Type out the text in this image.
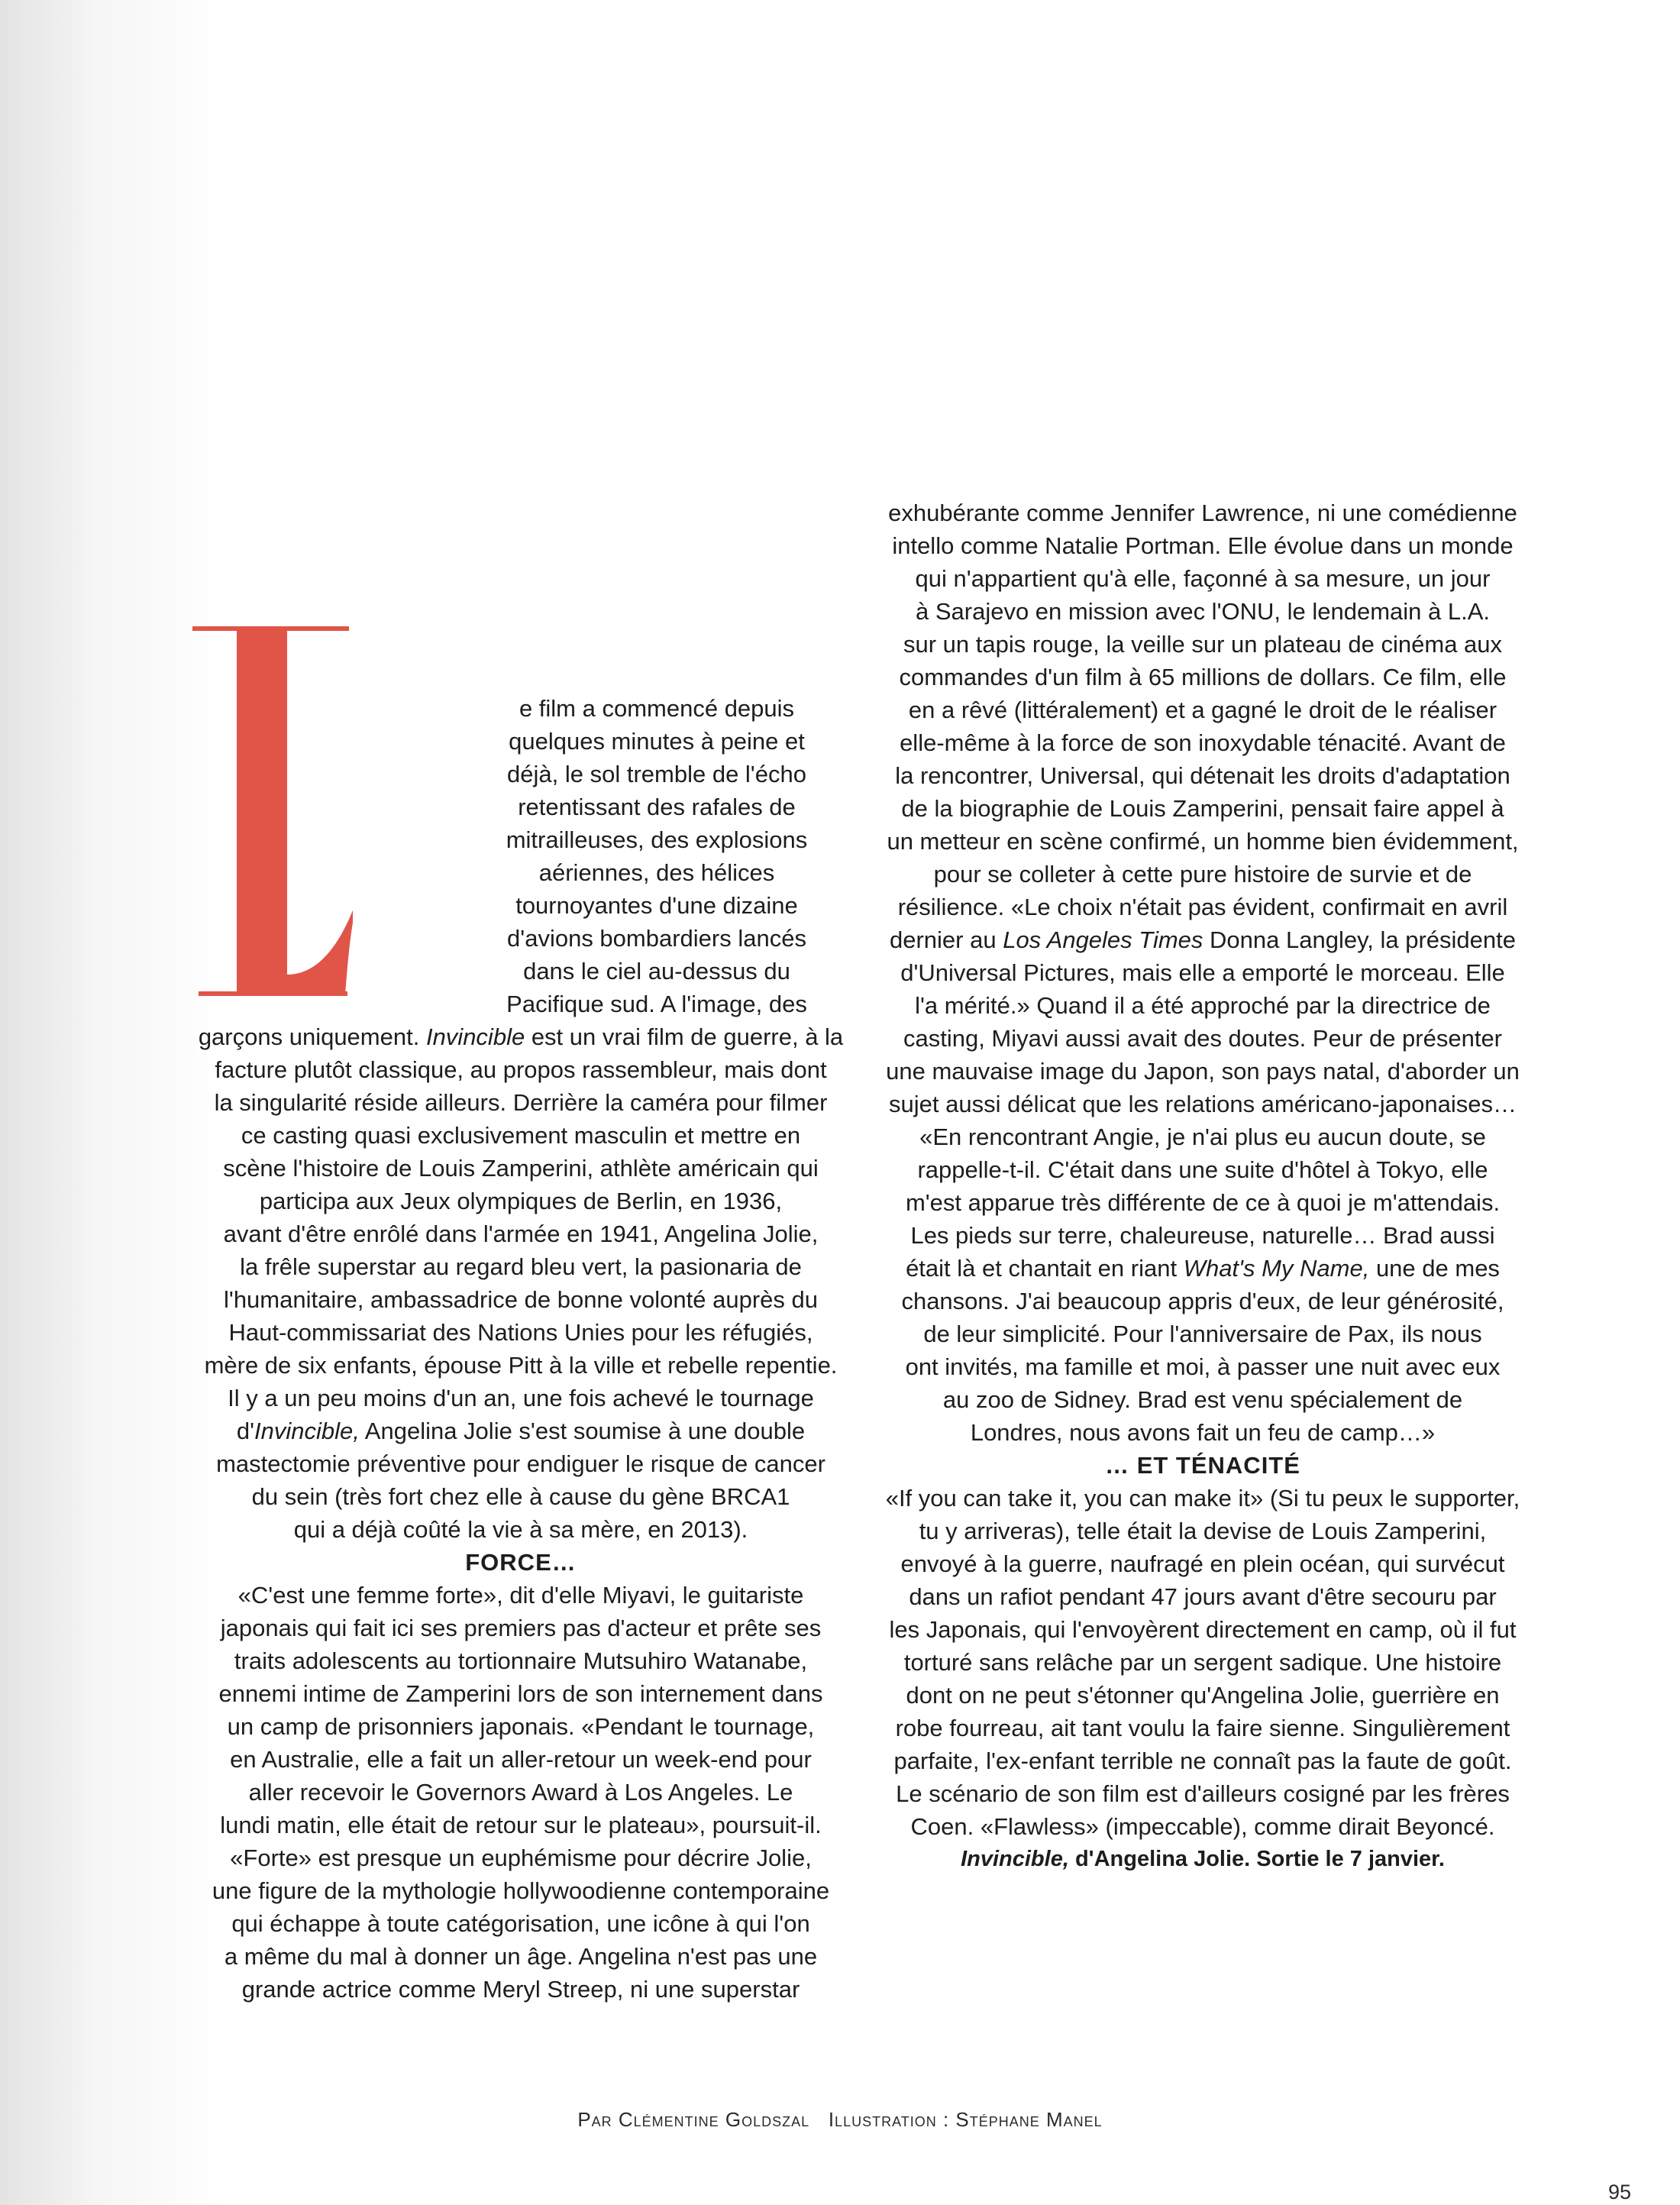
e film a commencé depuis

quelques minutes à peine et

déjà, le sol tremble de l'écho

retentissant des rafales de

mitrailleuses, des explosions

aériennes, des hélices

tournoyantes d'une dizaine

d'avions bombardiers lancés

dans le ciel au-dessus du

Pacifique sud. A l'image, des

garçons uniquement. Invincible est un vrai film de guerre, à la

facture plutôt classique, au propos rassembleur, mais dont

la singularité réside ailleurs. Derrière la caméra pour filmer

ce casting quasi exclusivement masculin et mettre en

scène l'histoire de Louis Zamperini, athlète américain qui

participa aux Jeux olympiques de Berlin, en 1936,

avant d'être enrôlé dans l'armée en 1941, Angelina Jolie,

la frêle superstar au regard bleu vert, la pasionaria de

l'humanitaire, ambassadrice de bonne volonté auprès du

Haut-commissariat des Nations Unies pour les réfugiés,

mère de six enfants, épouse Pitt à la ville et rebelle repentie.

Il y a un peu moins d'un an, une fois achevé le tournage

d'Invincible, Angelina Jolie s'est soumise à une double

mastectomie préventive pour endiguer le risque de cancer

du sein (très fort chez elle à cause du gène BRCA1

qui a déjà coûté la vie à sa mère, en 2013).

FORCE…

«C'est une femme forte», dit d'elle Miyavi, le guitariste

japonais qui fait ici ses premiers pas d'acteur et prête ses

traits adolescents au tortionnaire Mutsuhiro Watanabe,

ennemi intime de Zamperini lors de son internement dans

un camp de prisonniers japonais. «Pendant le tournage,

en Australie, elle a fait un aller-retour un week-end pour

aller recevoir le Governors Award à Los Angeles. Le

lundi matin, elle était de retour sur le plateau», poursuit-il.

«Forte» est presque un euphémisme pour décrire Jolie,

une figure de la mythologie hollywoodienne contemporaine

qui échappe à toute catégorisation, une icône à qui l'on

a même du mal à donner un âge. Angelina n'est pas une

grande actrice comme Meryl Streep, ni une superstar

exhubérante comme Jennifer Lawrence, ni une comédienne

intello comme Natalie Portman. Elle évolue dans un monde

qui n'appartient qu'à elle, façonné à sa mesure, un jour

à Sarajevo en mission avec l'ONU, le lendemain à L.A.

sur un tapis rouge, la veille sur un plateau de cinéma aux

commandes d'un film à 65 millions de dollars. Ce film, elle

en a rêvé (littéralement) et a gagné le droit de le réaliser

elle-même à la force de son inoxydable ténacité. Avant de

la rencontrer, Universal, qui détenait les droits d'adaptation

de la biographie de Louis Zamperini, pensait faire appel à

un metteur en scène confirmé, un homme bien évidemment,

pour se colleter à cette pure histoire de survie et de

résilience. «Le choix n'était pas évident, confirmait en avril

dernier au Los Angeles Times Donna Langley, la présidente

d'Universal Pictures, mais elle a emporté le morceau. Elle

l'a mérité.» Quand il a été approché par la directrice de

casting, Miyavi aussi avait des doutes. Peur de présenter

une mauvaise image du Japon, son pays natal, d'aborder un

sujet aussi délicat que les relations américano-japonaises…

«En rencontrant Angie, je n'ai plus eu aucun doute, se

rappelle-t-il. C'était dans une suite d'hôtel à Tokyo, elle

m'est apparue très différente de ce à quoi je m'attendais.

Les pieds sur terre, chaleureuse, naturelle… Brad aussi

était là et chantait en riant What's My Name, une de mes

chansons. J'ai beaucoup appris d'eux, de leur générosité,

de leur simplicité. Pour l'anniversaire de Pax, ils nous

ont invités, ma famille et moi, à passer une nuit avec eux

au zoo de Sidney. Brad est venu spécialement de

Londres, nous avons fait un feu de camp…»

… ET TÉNACITÉ

«If you can take it, you can make it» (Si tu peux le supporter,

tu y arriveras), telle était la devise de Louis Zamperini,

envoyé à la guerre, naufragé en plein océan, qui survécut

dans un rafiot pendant 47 jours avant d'être secouru par

les Japonais, qui l'envoyèrent directement en camp, où il fut

torturé sans relâche par un sergent sadique. Une histoire

dont on ne peut s'étonner qu'Angelina Jolie, guerrière en

robe fourreau, ait tant voulu la faire sienne. Singulièrement

parfaite, l'ex-enfant terrible ne connaît pas la faute de goût.

Le scénario de son film est d'ailleurs cosigné par les frères

Coen. «Flawless» (impeccable), comme dirait Beyoncé.

Invincible, d'Angelina Jolie. Sortie le 7 janvier.

Par Clémentine Goldszal Illustration : Stéphane Manel
95
